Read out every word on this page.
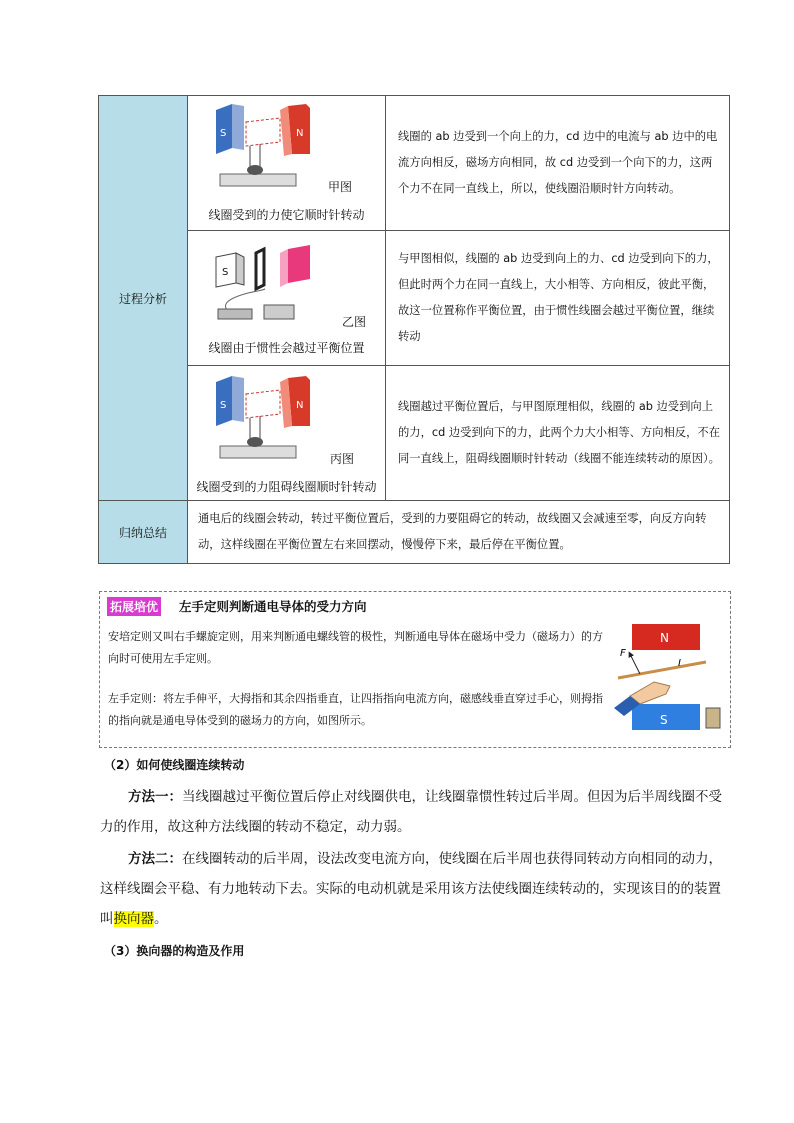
过程分析	S N
甲图
线圈受到的力使它顺时针转动	线圈的 ab 边受到一个向上的力，cd 边中的电流与 ab 边中的电流方向相反，磁场方向相同，故 cd 边受到一个向下的力，这两个力不在同一直线上，所以，使线圈沿顺时针方向转动。

S
乙图
线圈由于惯性会越过平衡位置	与甲图相似，线圈的 ab 边受到向上的力、cd 边受到向下的力，但此时两个力在同一直线上，大小相等、方向相反，彼此平衡，故这一位置称作平衡位置，由于惯性线圈会越过平衡位置，继续转动

S N
丙图
线圈受到的力阻碍线圈顺时针转动	线圈越过平衡位置后，与甲图原理相似，线圈的 ab 边受到向上的力，cd 边受到向下的力，此两个力大小相等、方向相反，不在同一直线上，阻碍线圈顺时针转动（线圈不能连续转动的原因）。
归纳总结	通电后的线圈会转动，转过平衡位置后，受到的力要阻碍它的转动，故线圈又会减速至零，向反方向转动，这样线圈在平衡位置左右来回摆动，慢慢停下来，最后停在平衡位置。	
拓展培优 左手定则判断通电导体的受力方向
安培定则又叫右手螺旋定则，用来判断通电螺线管的极性，判断通电导体在磁场中受力（磁场力）的方向时可使用左手定则。
左手定则：将左手伸平，大拇指和其余四指垂直，让四指指向电流方向，磁感线垂直穿过手心，则拇指的指向就是通电导体受到的磁场力的方向，如图所示。
N
S
F
I
（2）如何使线圈连续转动
方法一：当线圈越过平衡位置后停止对线圈供电，让线圈靠惯性转过后半周。但因为后半周线圈不受力的作用，故这种方法线圈的转动不稳定，动力弱。
方法二：在线圈转动的后半周，设法改变电流方向，使线圈在后半周也获得同转动方向相同的动力，这样线圈会平稳、有力地转动下去。实际的电动机就是采用该方法使线圈连续转动的，实现该目的的装置叫换向器。
（3）换向器的构造及作用
